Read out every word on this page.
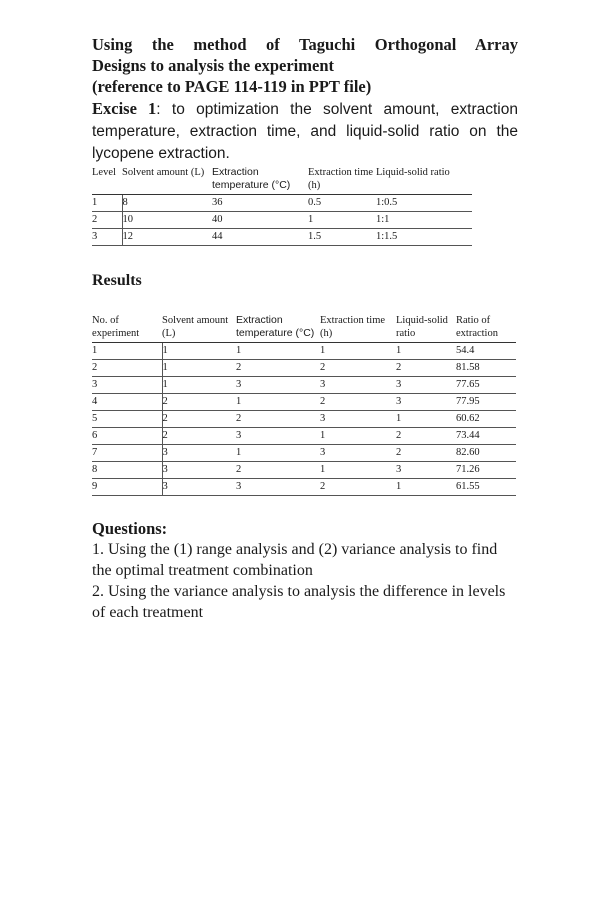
Using the method of Taguchi Orthogonal Array
Designs to analysis the experiment
(reference to PAGE 114-119 in PPT file)
Excise 1: to optimization the solvent amount, extraction temperature, extraction time, and liquid-solid ratio on the lycopene extraction.
Level	Solvent amount (L)	Extraction temperature (°C)	Extraction time (h)	Liquid-solid ratio
1	8	36	0.5	1:0.5
2	10	40	1	1:1
3	12	44	1.5	1:1.5
Results
No. of experiment	Solvent amount (L)	Extraction temperature (°C)	Extraction time (h)	Liquid-solid ratio	Ratio of extraction
1	1	1	1	1	54.4
2	1	2	2	2	81.58
3	1	3	3	3	77.65
4	2	1	2	3	77.95
5	2	2	3	1	60.62
6	2	3	1	2	73.44
7	3	1	3	2	82.60
8	3	2	1	3	71.26
9	3	3	2	1	61.55
Questions:
1. Using the (1) range analysis and (2) variance analysis to find the optimal treatment combination
2. Using the variance analysis to analysis the difference in levels of each treatment
